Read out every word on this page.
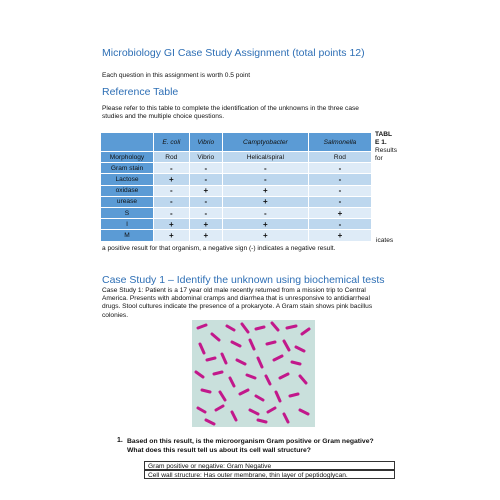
Microbiology GI Case Study Assignment (total points 12)
Each question in this assignment is worth 0.5 point
Reference Table
Please refer to this table to complete the identification of the unknowns in the three case
studies and the multiple choice questions.
	E. coli	Vibrio	Camptyobacter	Salmonella
Morphology	Rod	Vibrio	Helical/spiral	Rod
Gram stain	-	-	-	-
Lactose	+	-	-	-
oxidase	-	+	+	-
urease	-	-	+	-
S	-	-	-	+
I	+	+	+	-
M	+	+	+	+
TABL
E 1.
Results
for
icates
a positive result for that organism, a negative sign (-) indicates a negative result.
Case Study 1 – Identify the unknown using biochemical tests
Case Study 1: Patient is a 17 year old male recently returned from a mission trip to Central
America. Presents with abdominal cramps and diarrhea that is unresponsive to antidiarrheal
drugs. Stool cultures indicate the presence of a prokaryote. A Gram stain shows pink bacillus
colonies.
1. Based on this result, is the microorganism Gram positive or Gram negative?
What does this result tell us about its cell wall structure?
Gram positive or negative: Gram Negative
Cell wall structure: Has outer membrane, thin layer of peptidoglycan.
